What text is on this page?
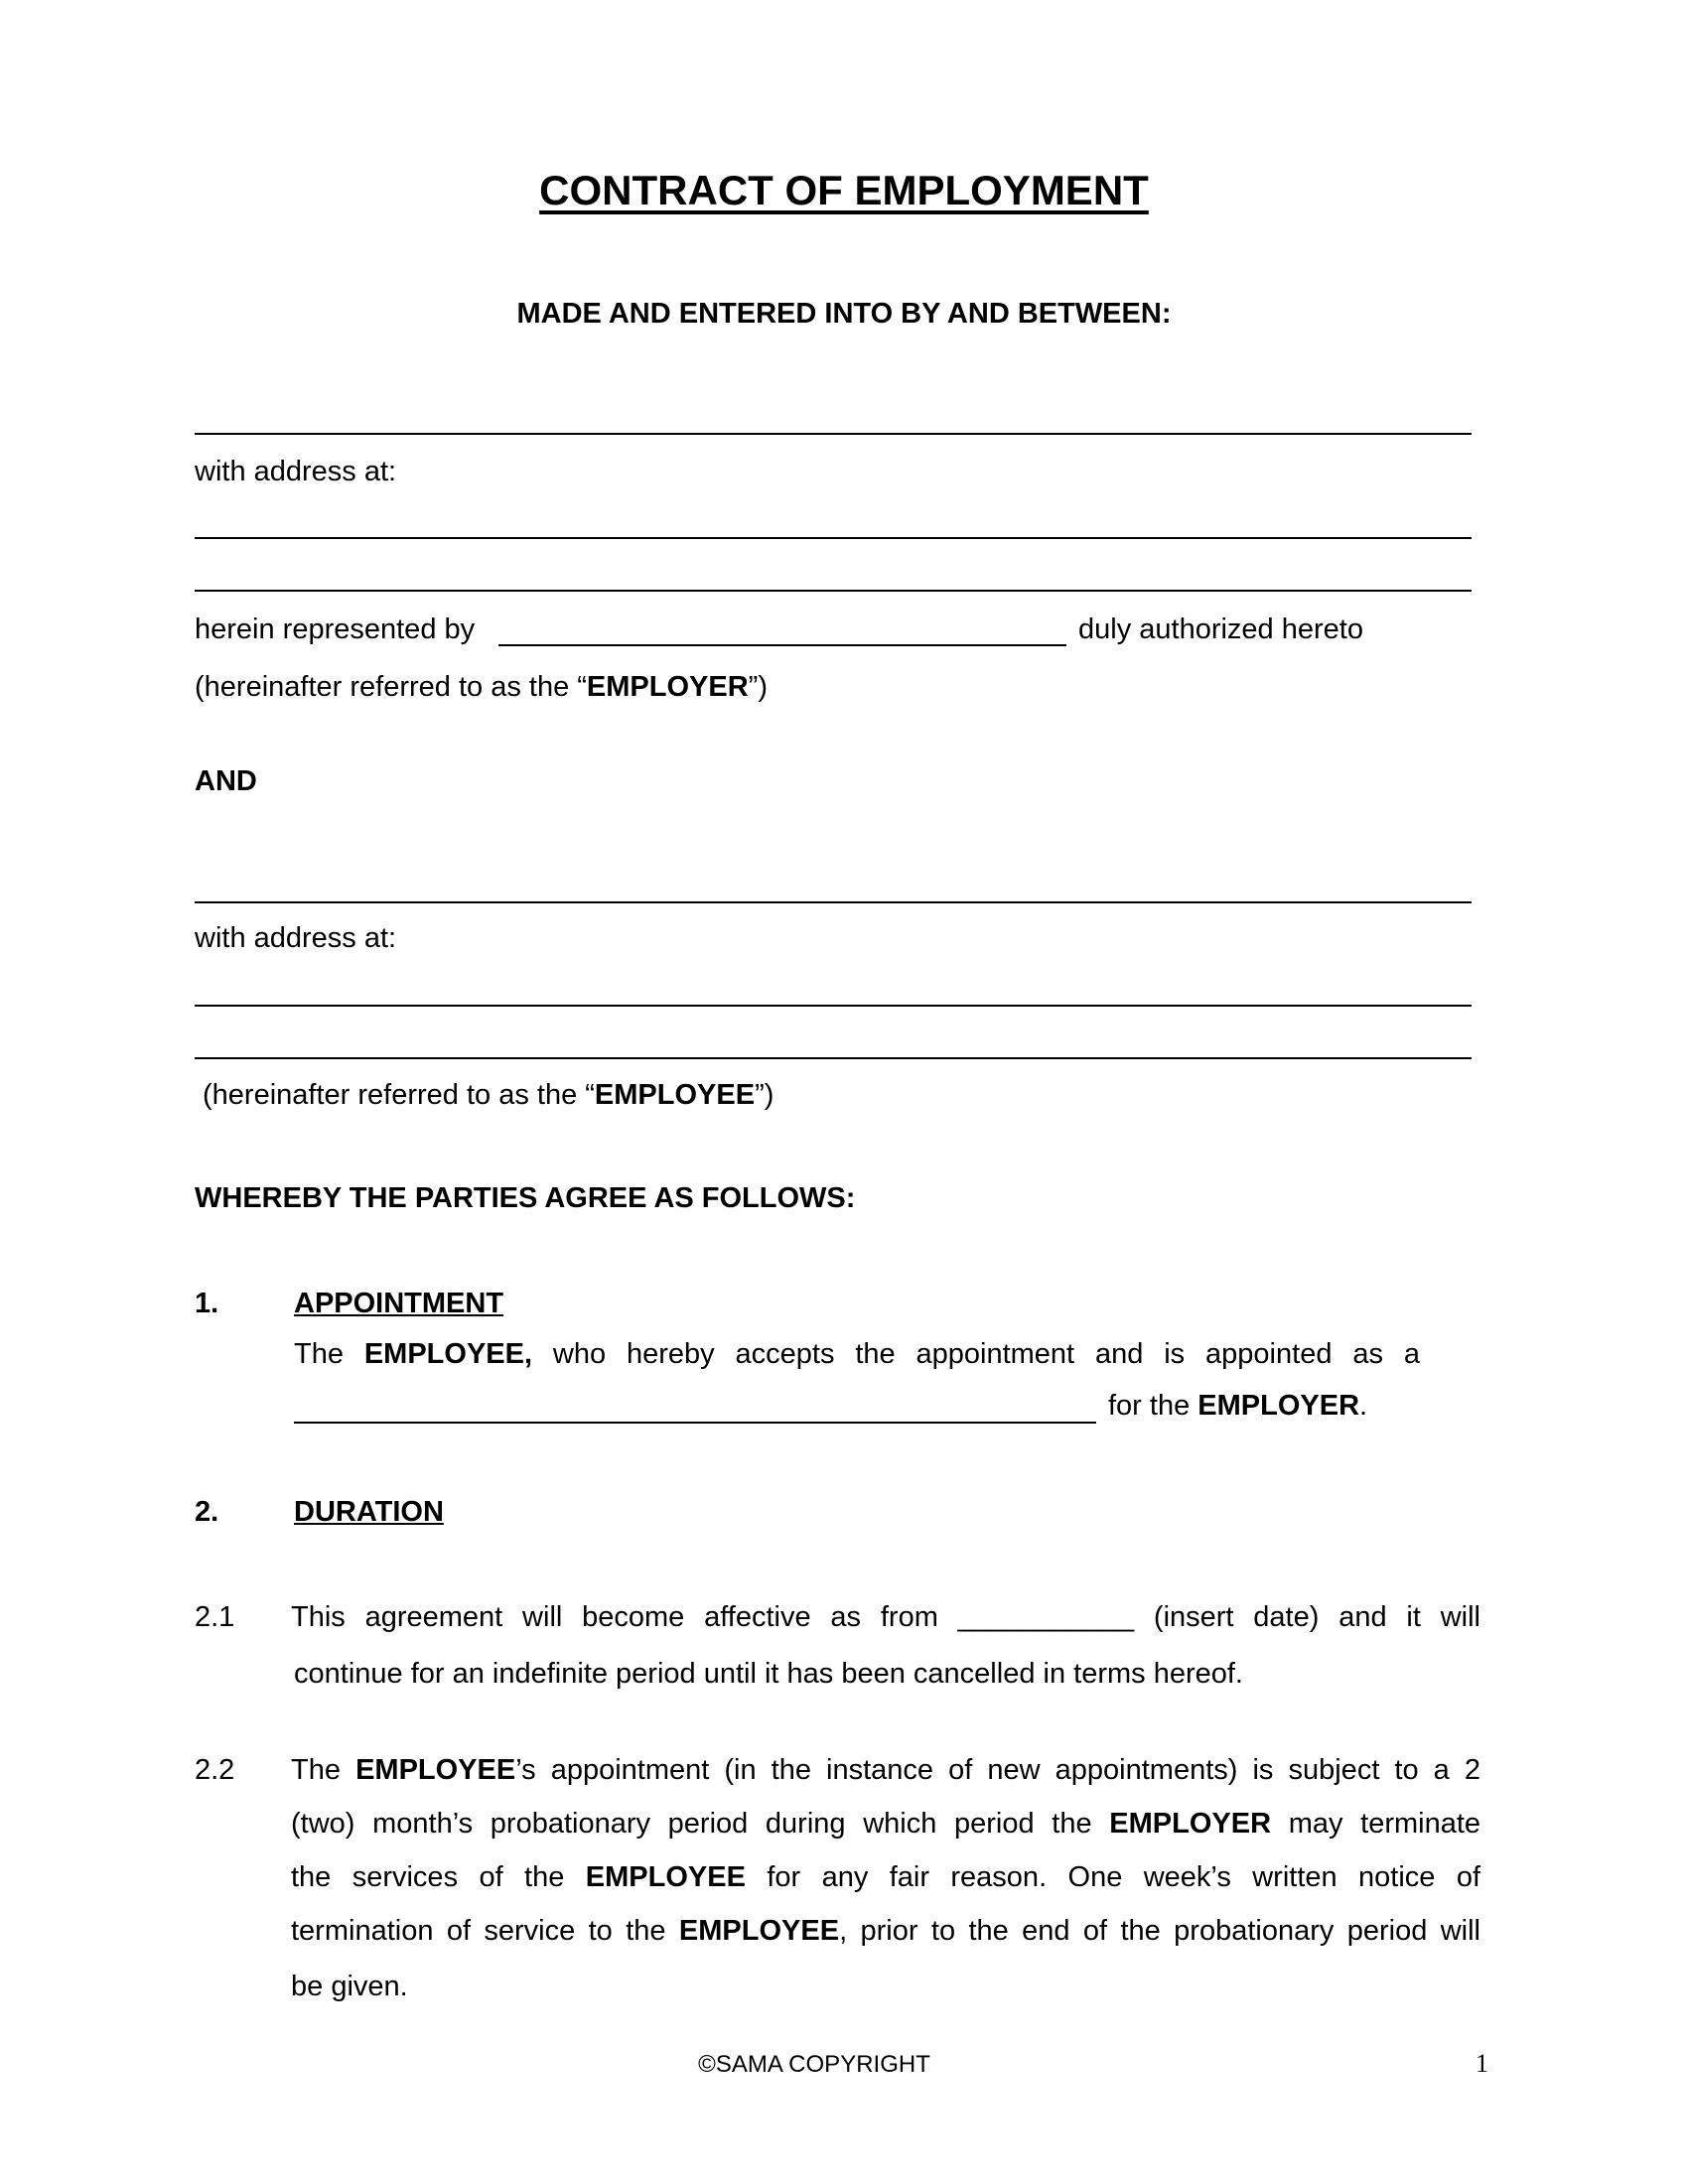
CONTRACT OF EMPLOYMENT
MADE AND ENTERED INTO BY AND BETWEEN:
with address at:
herein represented by	duly authorized hereto
(hereinafter referred to as the “EMPLOYER”)
AND
with address at:
(hereinafter referred to as the “EMPLOYEE”)
WHEREBY THE PARTIES AGREE AS FOLLOWS:
1.	APPOINTMENT
The EMPLOYEE, who hereby accepts the appointment and is appointed as a
for the EMPLOYER.
2.	DURATION
2.1 This agreement will become affective as from ___________ (insert date) and it will
continue for an indefinite period until it has been cancelled in terms hereof.
2.2 The EMPLOYEE’s appointment (in the instance of new appointments) is subject to a 2
(two) month’s probationary period during which period the EMPLOYER may terminate
the services of the EMPLOYEE for any fair reason. One week’s written notice of
termination of service to the EMPLOYEE, prior to the end of the probationary period will
be given.
©SAMA COPYRIGHT	1
